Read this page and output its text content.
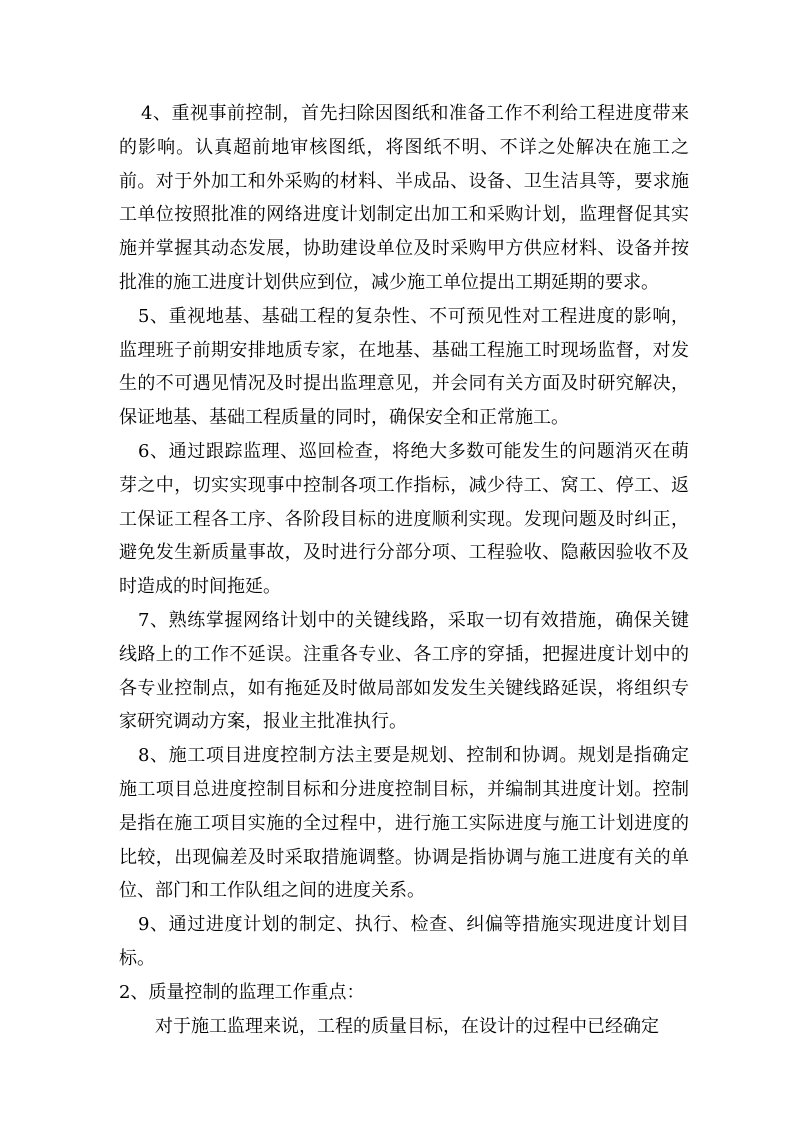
4、重视事前控制，首先扫除因图纸和准备工作不利给工程进度带来的影响。认真超前地审核图纸，将图纸不明、不详之处解决在施工之前。对于外加工和外采购的材料、半成品、设备、卫生洁具等，要求施工单位按照批准的网络进度计划制定出加工和采购计划，监理督促其实施并掌握其动态发展，协助建设单位及时采购甲方供应材料、设备并按批准的施工进度计划供应到位，减少施工单位提出工期延期的要求。

5、重视地基、基础工程的复杂性、不可预见性对工程进度的影响，监理班子前期安排地质专家，在地基、基础工程施工时现场监督，对发生的不可遇见情况及时提出监理意见，并会同有关方面及时研究解决，保证地基、基础工程质量的同时，确保安全和正常施工。

6、通过跟踪监理、巡回检查，将绝大多数可能发生的问题消灭在萌芽之中，切实实现事中控制各项工作指标，减少待工、窝工、停工、返工保证工程各工序、各阶段目标的进度顺利实现。发现问题及时纠正，避免发生新质量事故，及时进行分部分项、工程验收、隐蔽因验收不及时造成的时间拖延。

7、熟练掌握网络计划中的关键线路，采取一切有效措施，确保关键线路上的工作不延误。注重各专业、各工序的穿插，把握进度计划中的各专业控制点，如有拖延及时做局部如发发生关键线路延误，将组织专家研究调动方案，报业主批准执行。

8、施工项目进度控制方法主要是规划、控制和协调。规划是指确定施工项目总进度控制目标和分进度控制目标，并编制其进度计划。控制是指在施工项目实施的全过程中，进行施工实际进度与施工计划进度的比较，出现偏差及时采取措施调整。协调是指协调与施工进度有关的单位、部门和工作队组之间的进度关系。

9、通过进度计划的制定、执行、检查、纠偏等措施实现进度计划目标。

2、质量控制的监理工作重点：

对于施工监理来说，工程的质量目标，在设计的过程中已经确定
